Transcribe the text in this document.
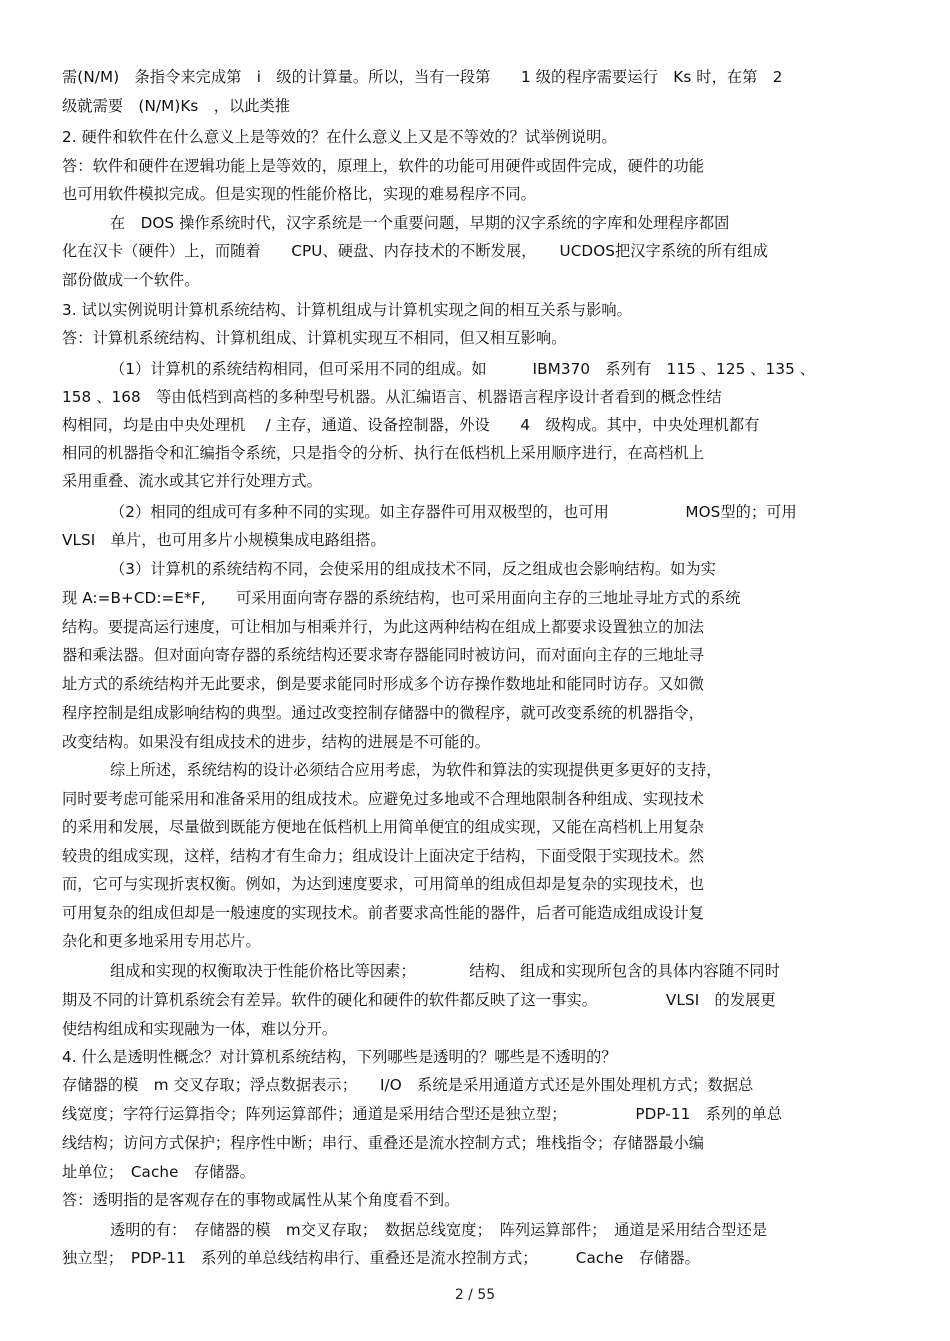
需(N/M)　条指令来完成第　i　级的计算量。所以，当有一段第　　1 级的程序需要运行　Ks 时，在第　2
级就需要　(N/M)Ks　，以此类推
2. 硬件和软件在什么意义上是等效的？在什么意义上又是不等效的？试举例说明。
答：软件和硬件在逻辑功能上是等效的，原理上，软件的功能可用硬件或固件完成，硬件的功能
也可用软件模拟完成。但是实现的性能价格比，实现的难易程序不同。
在　DOS 操作系统时代，汉字系统是一个重要问题，早期的汉字系统的字库和处理程序都固
化在汉卡（硬件）上，而随着　　CPU、硬盘、内存技术的不断发展，　　UCDOS把汉字系统的所有组成
部份做成一个软件。
3. 试以实例说明计算机系统结构、计算机组成与计算机实现之间的相互关系与影响。
答：计算机系统结构、计算机组成、计算机实现互不相同，但又相互影响。
（1）计算机的系统结构相同，但可采用不同的组成。如　　　IBM370　系列有　115 、125 、135 、
158 、168　等由低档到高档的多种型号机器。从汇编语言、机器语言程序设计者看到的概念性结
构相同，均是由中央处理机　 / 主存，通道、设备控制器，外设　　4　级构成。其中，中央处理机都有
相同的机器指令和汇编指令系统，只是指令的分析、执行在低档机上采用顺序进行，在高档机上
采用重叠、流水或其它并行处理方式。
（2）相同的组成可有多种不同的实现。如主存器件可用双极型的，也可用　　　　　MOS型的；可用
VLSI　单片，也可用多片小规模集成电路组搭。
（3）计算机的系统结构不同，会使采用的组成技术不同，反之组成也会影响结构。如为实
现 A:=B+CD:=E*F,　　可采用面向寄存器的系统结构，也可采用面向主存的三地址寻址方式的系统
结构。要提高运行速度，可让相加与相乘并行，为此这两种结构在组成上都要求设置独立的加法
器和乘法器。但对面向寄存器的系统结构还要求寄存器能同时被访问，而对面向主存的三地址寻
址方式的系统结构并无此要求，倒是要求能同时形成多个访存操作数地址和能同时访存。又如微
程序控制是组成影响结构的典型。通过改变控制存储器中的微程序，就可改变系统的机器指令，
改变结构。如果没有组成技术的进步，结构的进展是不可能的。
综上所述，系统结构的设计必须结合应用考虑，为软件和算法的实现提供更多更好的支持，
同时要考虑可能采用和准备采用的组成技术。应避免过多地或不合理地限制各种组成、实现技术
的采用和发展，尽量做到既能方便地在低档机上用简单便宜的组成实现，又能在高档机上用复杂
较贵的组成实现，这样，结构才有生命力；组成设计上面决定于结构，下面受限于实现技术。然
而，它可与实现折衷权衡。例如，为达到速度要求，可用简单的组成但却是复杂的实现技术，也
可用复杂的组成但却是一般速度的实现技术。前者要求高性能的器件，后者可能造成组成设计复
杂化和更多地采用专用芯片。
组成和实现的权衡取决于性能价格比等因素；　　　　结构、 组成和实现所包含的具体内容随不同时
期及不同的计算机系统会有差异。软件的硬化和硬件的软件都反映了这一事实。　　　　　VLSI　的发展更
使结构组成和实现融为一体，难以分开。
4. 什么是透明性概念？对计算机系统结构，下列哪些是透明的？哪些是不透明的？
存储器的模　m 交叉存取；浮点数据表示；　　I/O　系统是采用通道方式还是外围处理机方式；数据总
线宽度；字符行运算指令；阵列运算部件；通道是采用结合型还是独立型；　　　　　PDP-11　系列的单总
线结构；访问方式保护；程序性中断；串行、重叠还是流水控制方式；堆栈指令；存储器最小编
址单位；　Cache　存储器。
答：透明指的是客观存在的事物或属性从某个角度看不到。
透明的有：　存储器的模　m交叉存取；　数据总线宽度；　阵列运算部件；　通道是采用结合型还是
独立型；　PDP-11　系列的单总线结构串行、重叠还是流水控制方式；　　　Cache　存储器。
2 / 55
